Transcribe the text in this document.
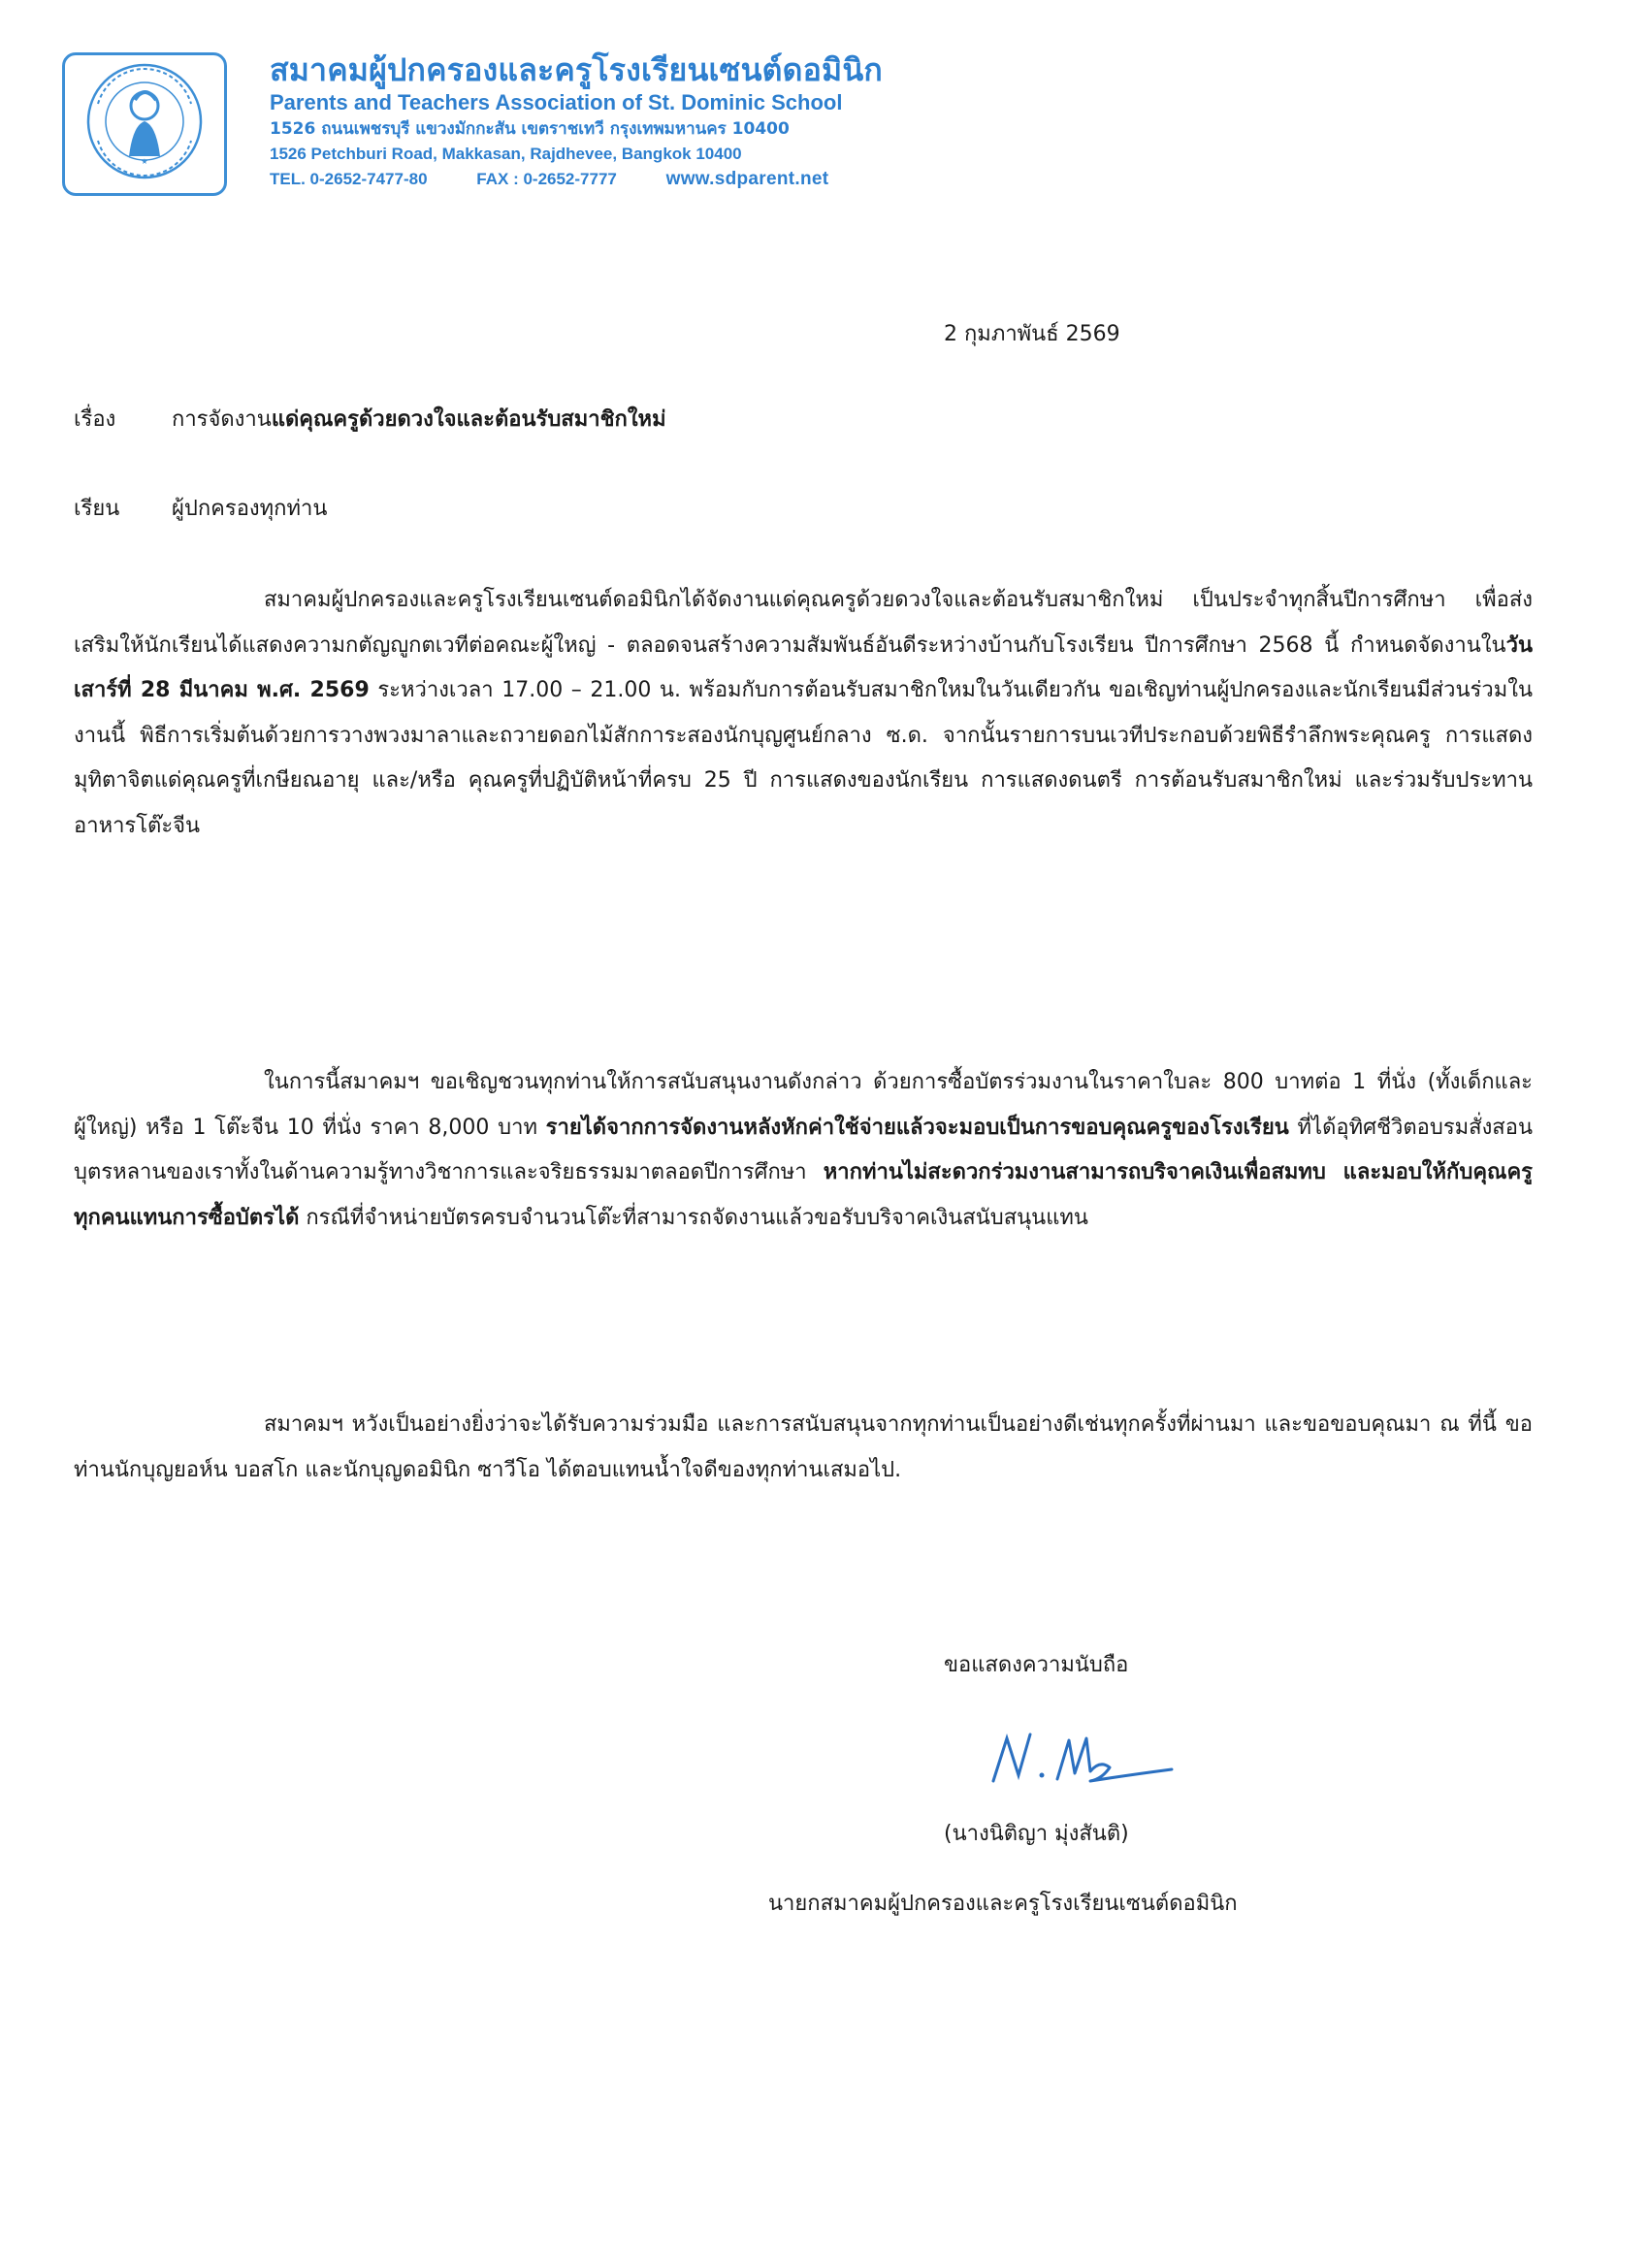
★
สมาคมผู้ปกครองและครูโรงเรียนเซนต์ดอมินิก
Parents and Teachers Association of St. Dominic School
1526 ถนนเพชรบุรี แขวงมักกะสัน เขตราชเทวี กรุงเทพมหานคร 10400
1526 Petchburi Road, Makkasan, Rajdhevee, Bangkok 10400
TEL. 0-2652-7477-80	FAX : 0-2652-7777	www.sdparent.net
2 กุมภาพันธ์ 2569
เรื่อง	การจัดงานแด่คุณครูด้วยดวงใจและต้อนรับสมาชิกใหม่
เรียน ผู้ปกครองทุกท่าน
สมาคมผู้ปกครองและครูโรงเรียนเซนต์ดอมินิกได้จัดงานแด่คุณครูด้วยดวงใจและต้อนรับสมาชิกใหม่ เป็นประจำทุกสิ้นปีการศึกษา เพื่อส่งเสริมให้นักเรียนได้แสดงความกตัญญูกตเวทีต่อคณะผู้ใหญ่ - ตลอดจนสร้างความสัมพันธ์อันดีระหว่างบ้านกับโรงเรียน ปีการศึกษา 2568 นี้ กำหนดจัดงานในวันเสาร์ที่ 28 มีนาคม พ.ศ. 2569 ระหว่างเวลา 17.00 – 21.00 น. พร้อมกับการต้อนรับสมาชิกใหมในวันเดียวกัน ขอเชิญท่านผู้ปกครองและนักเรียนมีส่วนร่วมในงานนี้ พิธีการเริ่มต้นด้วยการวางพวงมาลาและถวายดอกไม้สักการะสองนักบุญศูนย์กลาง ซ.ด. จากนั้นรายการบนเวทีประกอบด้วยพิธีรำลึกพระคุณครู การแสดงมุทิตาจิตแด่คุณครูที่เกษียณอายุ และ/หรือ คุณครูที่ปฏิบัติหน้าที่ครบ 25 ปี การแสดงของนักเรียน การแสดงดนตรี การต้อนรับสมาชิกใหม่ และร่วมรับประทานอาหารโต๊ะจีน
ในการนี้สมาคมฯ ขอเชิญชวนทุกท่านให้การสนับสนุนงานดังกล่าว ด้วยการซื้อบัตรร่วมงานในราคาใบละ 800 บาทต่อ 1 ที่นั่ง (ทั้งเด็กและผู้ใหญ่) หรือ 1 โต๊ะจีน 10 ที่นั่ง ราคา 8,000 บาท รายได้จากการจัดงานหลังหักค่าใช้จ่ายแล้วจะมอบเป็นการขอบคุณครูของโรงเรียน ที่ได้อุทิศชีวิตอบรมสั่งสอนบุตรหลานของเราทั้งในด้านความรู้ทางวิชาการและจริยธรรมมาตลอดปีการศึกษา หากท่านไม่สะดวกร่วมงานสามารถบริจาคเงินเพื่อสมทบ และมอบให้กับคุณครูทุกคนแทนการซื้อบัตรได้ กรณีที่จำหน่ายบัตรครบจำนวนโต๊ะที่สามารถจัดงานแล้วขอรับบริจาคเงินสนับสนุนแทน
สมาคมฯ หวังเป็นอย่างยิ่งว่าจะได้รับความร่วมมือ และการสนับสนุนจากทุกท่านเป็นอย่างดีเช่นทุกครั้งที่ผ่านมา และขอขอบคุณมา ณ ที่นี้ ขอท่านนักบุญยอห์น บอสโก และนักบุญดอมินิก ซาวีโอ ได้ตอบแทนน้ำใจดีของทุกท่านเสมอไป.
ขอแสดงความนับถือ
(นางนิติญา มุ่งสันติ)
นายกสมาคมผู้ปกครองและครูโรงเรียนเซนต์ดอมินิก
